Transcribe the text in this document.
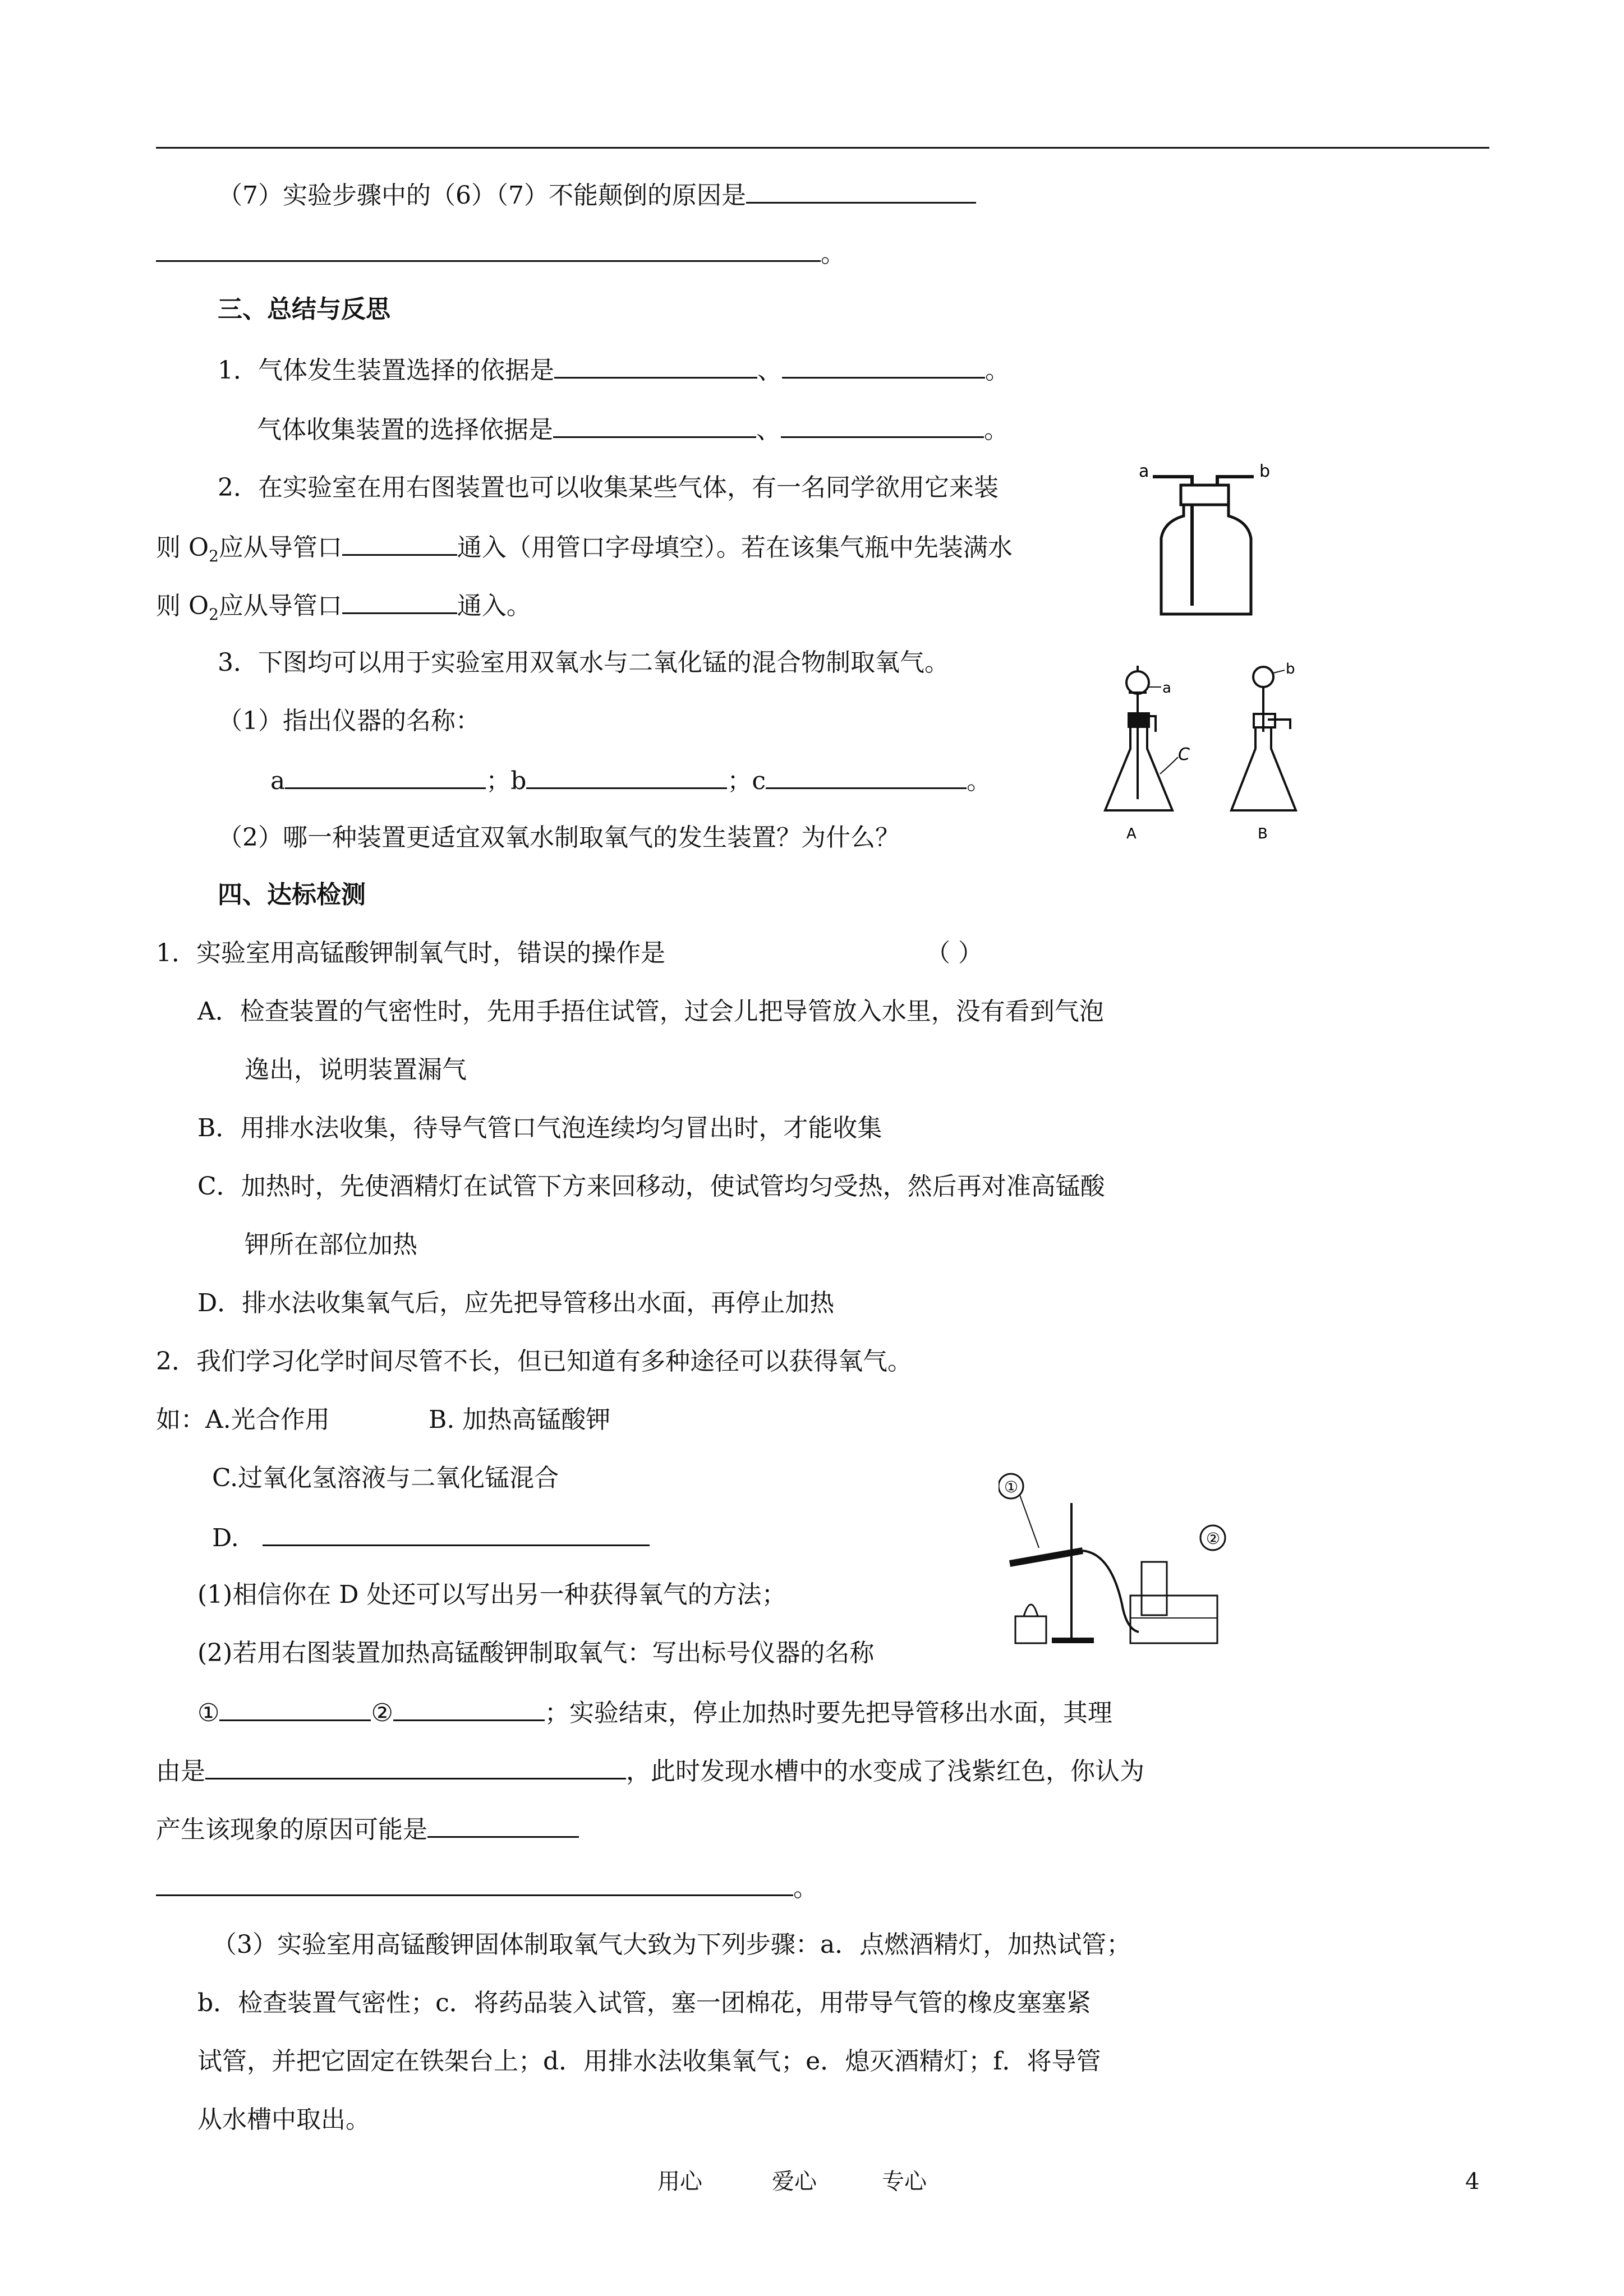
（7）实验步骤中的（6）（7）不能颠倒的原因是
。
三、总结与反思
1．气体发生装置选择的依据是	、	。
气体收集装置的选择依据是	、	。
2．在实验室在用右图装置也可以收集某些气体，有一名同学欲用它来装
则 $O_2$应从导管口	通入（用管口字母填空）。若在该集气瓶中先装满水
则 $O_2$应从导管口	通入。
a	b
3．下图均可以用于实验室用双氧水与二氧化锰的混合物制取氧气。
（1）指出仪器的名称：
a	；b	；c	。
（2）哪一种装置更适宜双氧水制取氧气的发生装置？为什么？
a
C
A
b
B
四、达标检测
1．实验室用高锰酸钾制氧气时，错误的操作是	（ ）
A．检查装置的气密性时，先用手捂住试管，过会儿把导管放入水里，没有看到气泡
逸出，说明装置漏气
B．用排水法收集，待导气管口气泡连续均匀冒出时，才能收集
C．加热时，先使酒精灯在试管下方来回移动，使试管均匀受热，然后再对准高锰酸
钾所在部位加热
D．排水法收集氧气后，应先把导管移出水面，再停止加热
2．我们学习化学时间尽管不长，但已知道有多种途径可以获得氧气。
如：A.光合作用	B. 加热高锰酸钾
C.过氧化氢溶液与二氧化锰混合
D.
(1)相信你在 D 处还可以写出另一种获得氧气的方法；
(2)若用右图装置加热高锰酸钾制取氧气：写出标号仪器的名称
①
②
①	②	；实验结束，停止加热时要先把导管移出水面，其理
由是	，此时发现水槽中的水变成了浅紫红色，你认为
产生该现象的原因可能是
。
（3）实验室用高锰酸钾固体制取氧气大致为下列步骤：a．点燃酒精灯，加热试管；
b．检查装置气密性；c．将药品装入试管，塞一团棉花，用带导气管的橡皮塞塞紧
试管，并把它固定在铁架台上；d．用排水法收集氧气；e．熄灭酒精灯；f．将导管
从水槽中取出。
用心	爱心	专心	4
